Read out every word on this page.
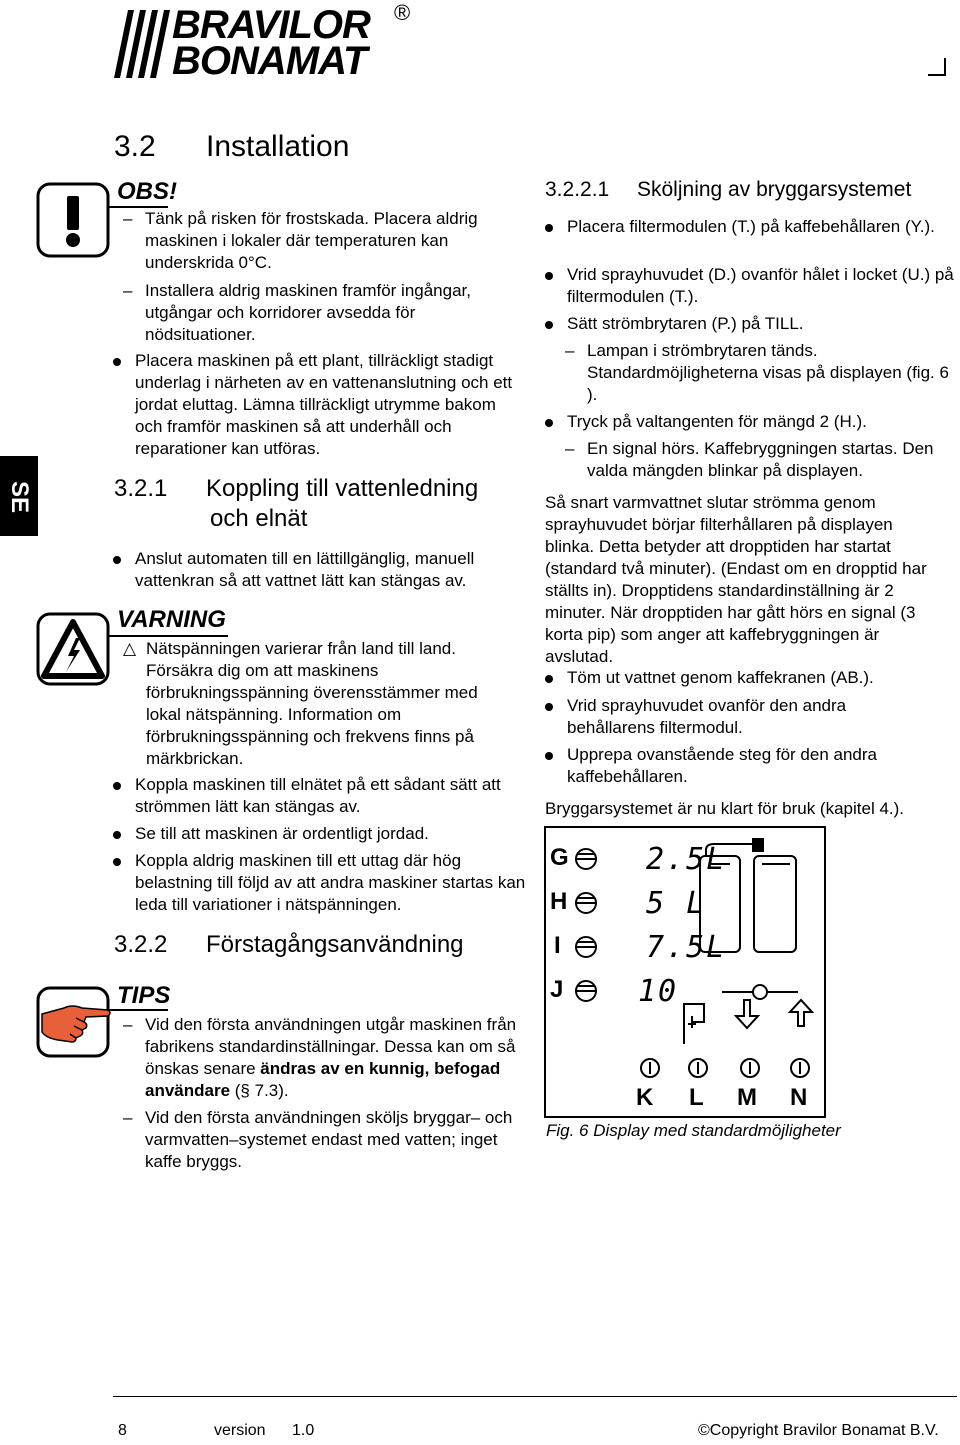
BRAVILOR
BONAMAT
®
SE
3.2 Installation
OBS!
– Tänk på risken för frostskada. Placera aldrig maskinen i lokaler där temperaturen kan underskrida 0°C.
– Installera aldrig maskinen framför ingångar, utgångar och korridorer avsedda för nödsituationer.
Placera maskinen på ett plant, tillräckligt stadigt underlag i närheten av en vattenanslutning och ett jordat eluttag. Lämna tillräckligt utrymme bakom och framför maskinen så att underhåll och reparationer kan utföras.
3.2.1 Koppling till vattenledning
och elnät
Anslut automaten till en lättillgänglig, manuell vattenkran så att vattnet lätt kan stängas av.
VARNING
△ Nätspänningen varierar från land till land. Försäkra dig om att maskinens förbrukningsspänning överensstämmer med lokal nätspänning. Information om förbrukningsspänning och frekvens finns på märkbrickan.
Koppla maskinen till elnätet på ett sådant sätt att strömmen lätt kan stängas av.
Se till att maskinen är ordentligt jordad.
Koppla aldrig maskinen till ett uttag där hög belastning till följd av att andra maskiner startas kan leda till variationer i nätspänningen.
3.2.2 Förstagångsanvändning
TIPS
– Vid den första användningen utgår maskinen från fabrikens standardinställningar. Dessa kan om så önskas senare ändras av en kunnig, befogad användare (§ 7.3).
– Vid den första användningen sköljs bryggar– och varmvatten–systemet endast med vatten; inget kaffe bryggs.
3.2.2.1 Sköljning av bryggarsystemet
Placera filtermodulen (T.) på kaffebehållaren (Y.).
Vrid sprayhuvudet (D.) ovanför hålet i locket (U.) på filtermodulen (T.).
Sätt strömbrytaren (P.) på TILL.
– Lampan i strömbrytaren tänds. Standardmöjligheterna visas på displayen (fig. 6 ).
Tryck på valtangenten för mängd 2 (H.).
– En signal hörs. Kaffebryggningen startas. Den valda mängden blinkar på displayen.
Så snart varmvattnet slutar strömma genom sprayhuvudet börjar filterhållaren på displayen blinka. Detta betyder att dropptiden har startat (standard två minuter). (Endast om en dropptid har ställts in). Dropptidens standardinställning är 2 minuter. När dropptiden har gått hörs en signal (3 korta pip) som anger att kaffebryggningen är avslutad.
Töm ut vattnet genom kaffekranen (AB.).
Vrid sprayhuvudet ovanför den andra behållarens filtermodul.
Upprepa ovanstående steg för den andra kaffebehållaren.
Bryggarsystemet är nu klart för bruk (kapitel 4.).
G
H
I
J
2.5L
5 L
7.5L
10
K L M N
Fig. 6 Display med standardmöjligheter
8	version 1.0	©Copyright Bravilor Bonamat B.V.
